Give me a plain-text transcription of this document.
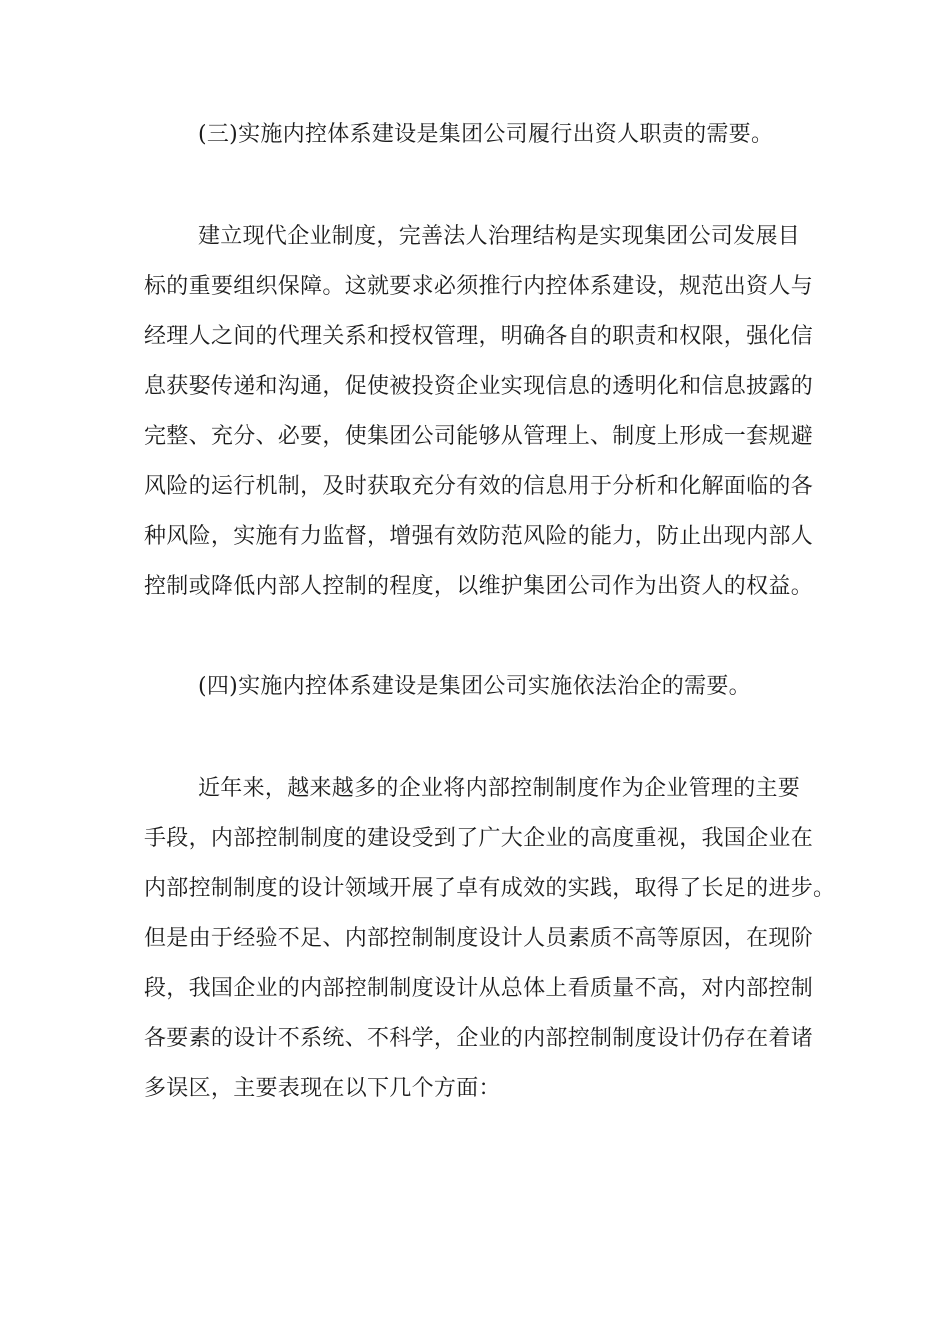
(三)实施内控体系建设是集团公司履行出资人职责的需要。
建立现代企业制度，完善法人治理结构是实现集团公司发展目
标的重要组织保障。这就要求必须推行内控体系建设，规范出资人与
经理人之间的代理关系和授权管理，明确各自的职责和权限，强化信
息获娶传递和沟通，促使被投资企业实现信息的透明化和信息披露的
完整、充分、必要，使集团公司能够从管理上、制度上形成一套规避
风险的运行机制，及时获取充分有效的信息用于分析和化解面临的各
种风险，实施有力监督，增强有效防范风险的能力，防止出现内部人
控制或降低内部人控制的程度，以维护集团公司作为出资人的权益。
(四)实施内控体系建设是集团公司实施依法治企的需要。
近年来，越来越多的企业将内部控制制度作为企业管理的主要
手段，内部控制制度的建设受到了广大企业的高度重视，我国企业在
内部控制制度的设计领域开展了卓有成效的实践，取得了长足的进步。
但是由于经验不足、内部控制制度设计人员素质不高等原因，在现阶
段，我国企业的内部控制制度设计从总体上看质量不高，对内部控制
各要素的设计不系统、不科学，企业的内部控制制度设计仍存在着诸
多误区，主要表现在以下几个方面：
